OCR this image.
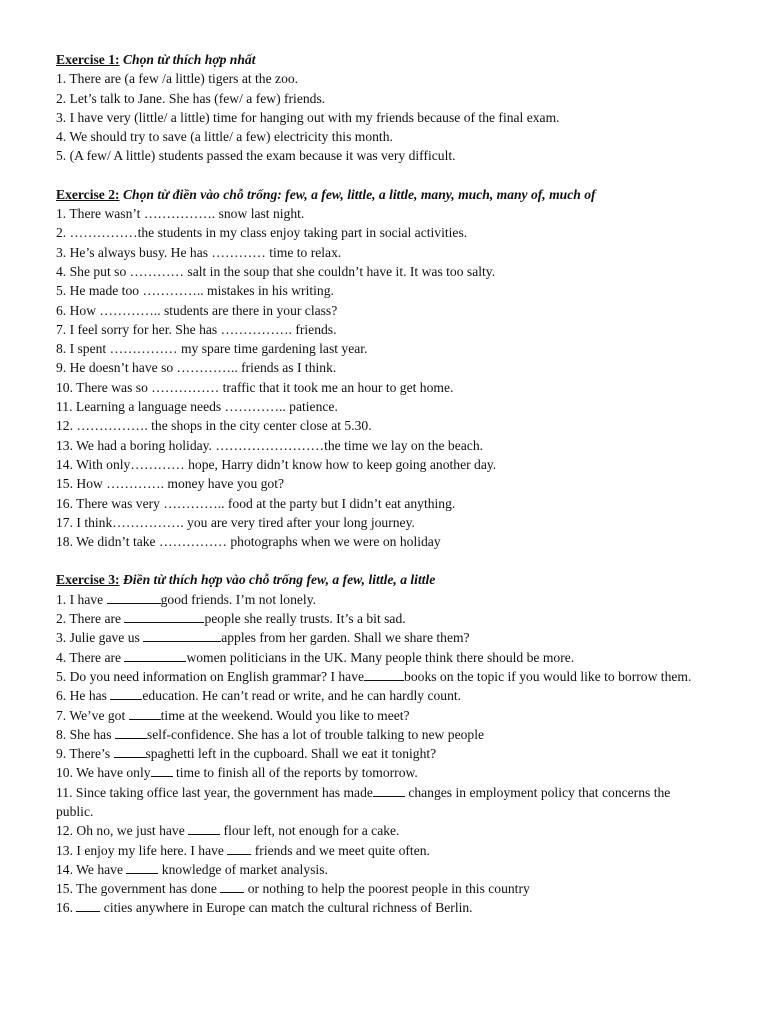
Exercise 1: Chọn từ thích hợp nhất
1. There are (a few /a little) tigers at the zoo.
2. Let’s talk to Jane. She has (few/ a few) friends.
3. I have very (little/ a little) time for hanging out with my friends because of the final exam.
4. We should try to save (a little/ a few) electricity this month.
5. (A few/ A little) students passed the exam because it was very difficult.
Exercise 2: Chọn từ điền vào chỗ trống: few, a few, little, a little, many, much, many of, much of
1. There wasn’t ……………. snow last night.
2. ……………the students in my class enjoy taking part in social activities.
3. He’s always busy. He has ………… time to relax.
4. She put so ………… salt in the soup that she couldn’t have it. It was too salty.
5. He made too ………….. mistakes in his writing.
6. How ………….. students are there in your class?
7. I feel sorry for her. She has ……………. friends.
8. I spent …………… my spare time gardening last year.
9. He doesn’t have so ………….. friends as I think.
10. There was so …………… traffic that it took me an hour to get home.
11. Learning a language needs ………….. patience.
12. ……………. the shops in the city center close at 5.30.
13. We had a boring holiday. ……………………the time we lay on the beach.
14. With only………… hope, Harry didn’t know how to keep going another day.
15. How …………. money have you got?
16. There was very ………….. food at the party but I didn’t eat anything.
17. I think……………. you are very tired after your long journey.
18. We didn’t take …………… photographs when we were on holiday
Exercise 3: Điền từ thích hợp vào chỗ trống few, a few, little, a little
1. I have	good friends. I’m not lonely.
2. There are	people she really trusts. It’s a bit sad.
3. Julie gave us	apples from her garden. Shall we share them?
4. There are	women politicians in the UK. Many people think there should be more.
5. Do you need information on English grammar? I have	books on the topic if you would like to borrow them.
6. He has education. He can’t read or write, and he can hardly count.
7. We’ve got time at the weekend. Would you like to meet?
8. She has self-confidence. She has a lot of trouble talking to new people
9. There’s spaghetti left in the cupboard. Shall we eat it tonight?
10. We have only time to finish all of the reports by tomorrow.
11. Since taking office last year, the government has made changes in employment policy that concerns the public.
12. Oh no, we just have  flour left, not enough for a cake.
13. I enjoy my life here. I have  friends and we meet quite often.
14. We have  knowledge of market analysis.
15. The government has done  or nothing to help the poorest people in this country
16.  cities anywhere in Europe can match the cultural richness of Berlin.
